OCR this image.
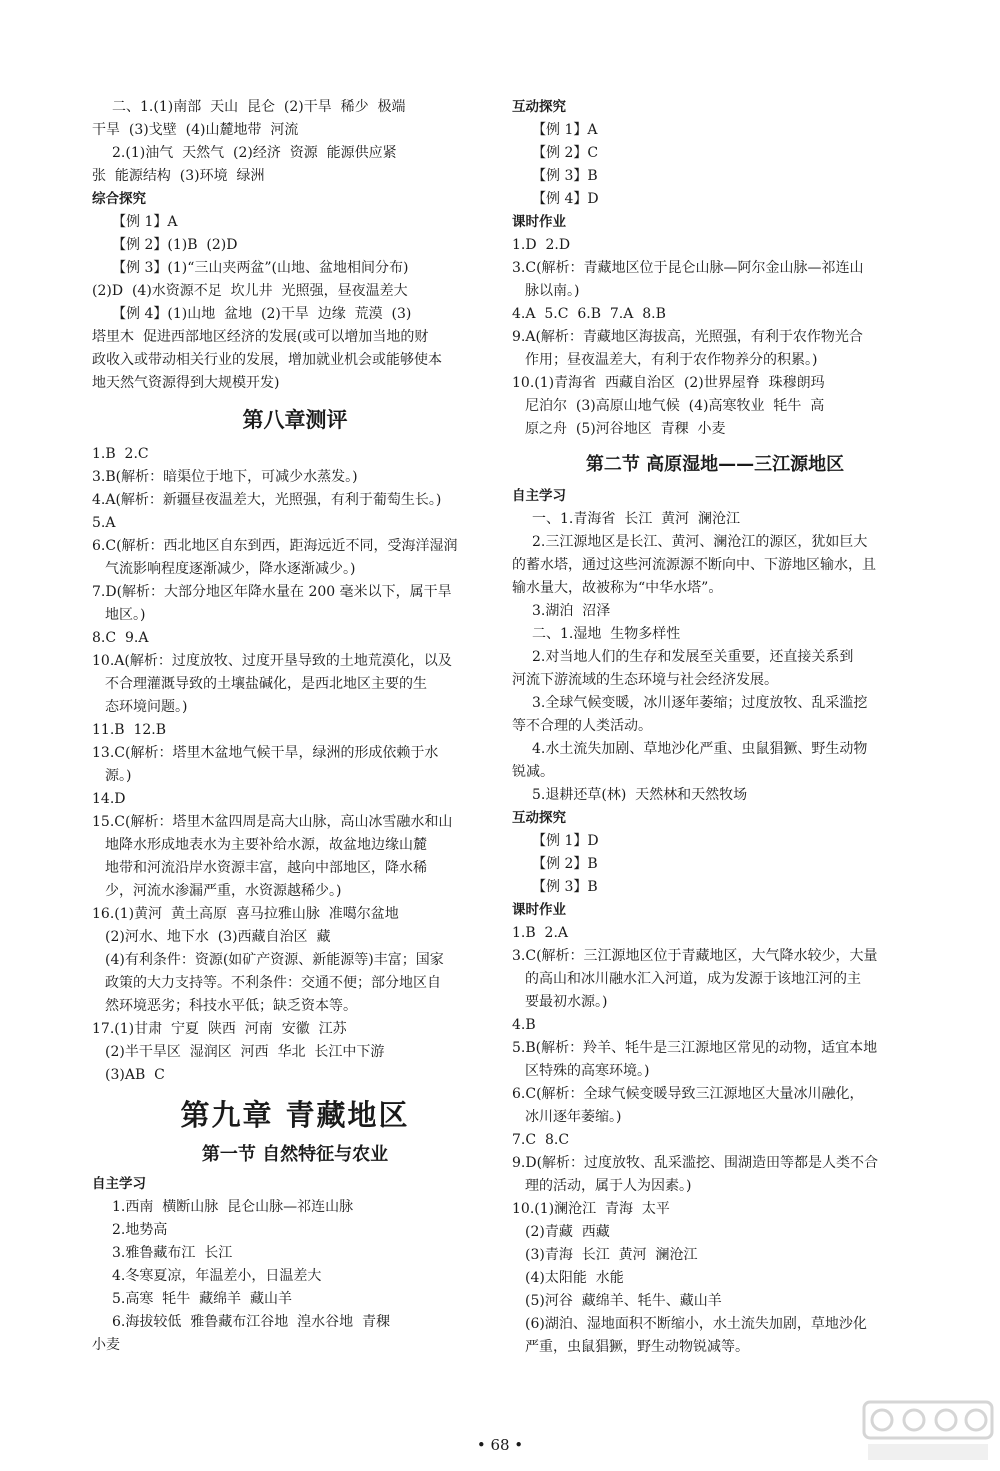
二、1.(1)南部  天山  昆仑  (2)干旱  稀少  极端
干旱  (3)戈壁  (4)山麓地带  河流
2.(1)油气  天然气  (2)经济  资源  能源供应紧
张  能源结构  (3)环境  绿洲
综合探究
【例 1】A
【例 2】(1)B  (2)D
【例 3】(1)“三山夹两盆”(山地、盆地相间分布)
(2)D  (4)水资源不足  坎儿井  光照强，昼夜温差大
【例 4】(1)山地  盆地  (2)干旱  边缘  荒漠  (3)
塔里木  促进西部地区经济的发展(或可以增加当地的财
政收入或带动相关行业的发展，增加就业机会或能够使本
地天然气资源得到大规模开发)
第八章测评
1.B  2.C
3.B(解析：暗渠位于地下，可减少水蒸发。)
4.A(解析：新疆昼夜温差大，光照强，有利于葡萄生长。)
5.A
6.C(解析：西北地区自东到西，距海远近不同，受海洋湿润
气流影响程度逐渐减少，降水逐渐减少。)
7.D(解析：大部分地区年降水量在 200 毫米以下，属干旱
地区。)
8.C  9.A
10.A(解析：过度放牧、过度开垦导致的土地荒漠化，以及
不合理灌溉导致的土壤盐碱化，是西北地区主要的生
态环境问题。)
11.B  12.B
13.C(解析：塔里木盆地气候干旱，绿洲的形成依赖于水
源。)
14.D
15.C(解析：塔里木盆四周是高大山脉，高山冰雪融水和山
地降水形成地表水为主要补给水源，故盆地边缘山麓
地带和河流沿岸水资源丰富，越向中部地区，降水稀
少，河流水渗漏严重，水资源越稀少。)
16.(1)黄河  黄土高原  喜马拉雅山脉  准噶尔盆地
(2)河水、地下水  (3)西藏自治区  藏
(4)有利条件：资源(如矿产资源、新能源等)丰富；国家
政策的大力支持等。不利条件：交通不便；部分地区自
然环境恶劣；科技水平低；缺乏资本等。
17.(1)甘肃  宁夏  陕西  河南  安徽  江苏
(2)半干旱区  湿润区  河西  华北  长江中下游
(3)AB  C
第九章 青藏地区
第一节 自然特征与农业
自主学习
1.西南  横断山脉  昆仑山脉—祁连山脉
2.地势高
3.雅鲁藏布江  长江
4.冬寒夏凉，年温差小，日温差大
5.高寒  牦牛  藏绵羊  藏山羊
6.海拔较低  雅鲁藏布江谷地  湟水谷地  青稞
小麦
互动探究
【例 1】A
【例 2】C
【例 3】B
【例 4】D
课时作业
1.D  2.D
3.C(解析：青藏地区位于昆仑山脉—阿尔金山脉—祁连山
脉以南。)
4.A  5.C  6.B  7.A  8.B
9.A(解析：青藏地区海拔高，光照强，有利于农作物光合
作用；昼夜温差大，有利于农作物养分的积累。)
10.(1)青海省  西藏自治区  (2)世界屋脊  珠穆朗玛
尼泊尔  (3)高原山地气候  (4)高寒牧业  牦牛  高
原之舟  (5)河谷地区  青稞  小麦
第二节 高原湿地——三江源地区
自主学习
一、1.青海省  长江  黄河  澜沧江
2.三江源地区是长江、黄河、澜沧江的源区，犹如巨大
的蓄水塔，通过这些河流源源不断向中、下游地区输水，且
输水量大，故被称为“中华水塔”。
3.湖泊  沼泽
二、1.湿地  生物多样性
2.对当地人们的生存和发展至关重要，还直接关系到
河流下游流域的生态环境与社会经济发展。
3.全球气候变暖，冰川逐年萎缩；过度放牧、乱采滥挖
等不合理的人类活动。
4.水土流失加剧、草地沙化严重、虫鼠猖獗、野生动物
锐减。
5.退耕还草(林)  天然林和天然牧场
互动探究
【例 1】D
【例 2】B
【例 3】B
课时作业
1.B  2.A
3.C(解析：三江源地区位于青藏地区，大气降水较少，大量
的高山和冰川融水汇入河道，成为发源于该地江河的主
要最初水源。)
4.B
5.B(解析：羚羊、牦牛是三江源地区常见的动物，适宜本地
区特殊的高寒环境。)
6.C(解析：全球气候变暖导致三江源地区大量冰川融化，
冰川逐年萎缩。)
7.C  8.C
9.D(解析：过度放牧、乱采滥挖、围湖造田等都是人类不合
理的活动，属于人为因素。)
10.(1)澜沧江  青海  太平
(2)青藏  西藏
(3)青海  长江  黄河  澜沧江
(4)太阳能  水能
(5)河谷  藏绵羊、牦牛、藏山羊
(6)湖泊、湿地面积不断缩小，水土流失加剧，草地沙化
严重，虫鼠猖獗，野生动物锐减等。
• 68 •
